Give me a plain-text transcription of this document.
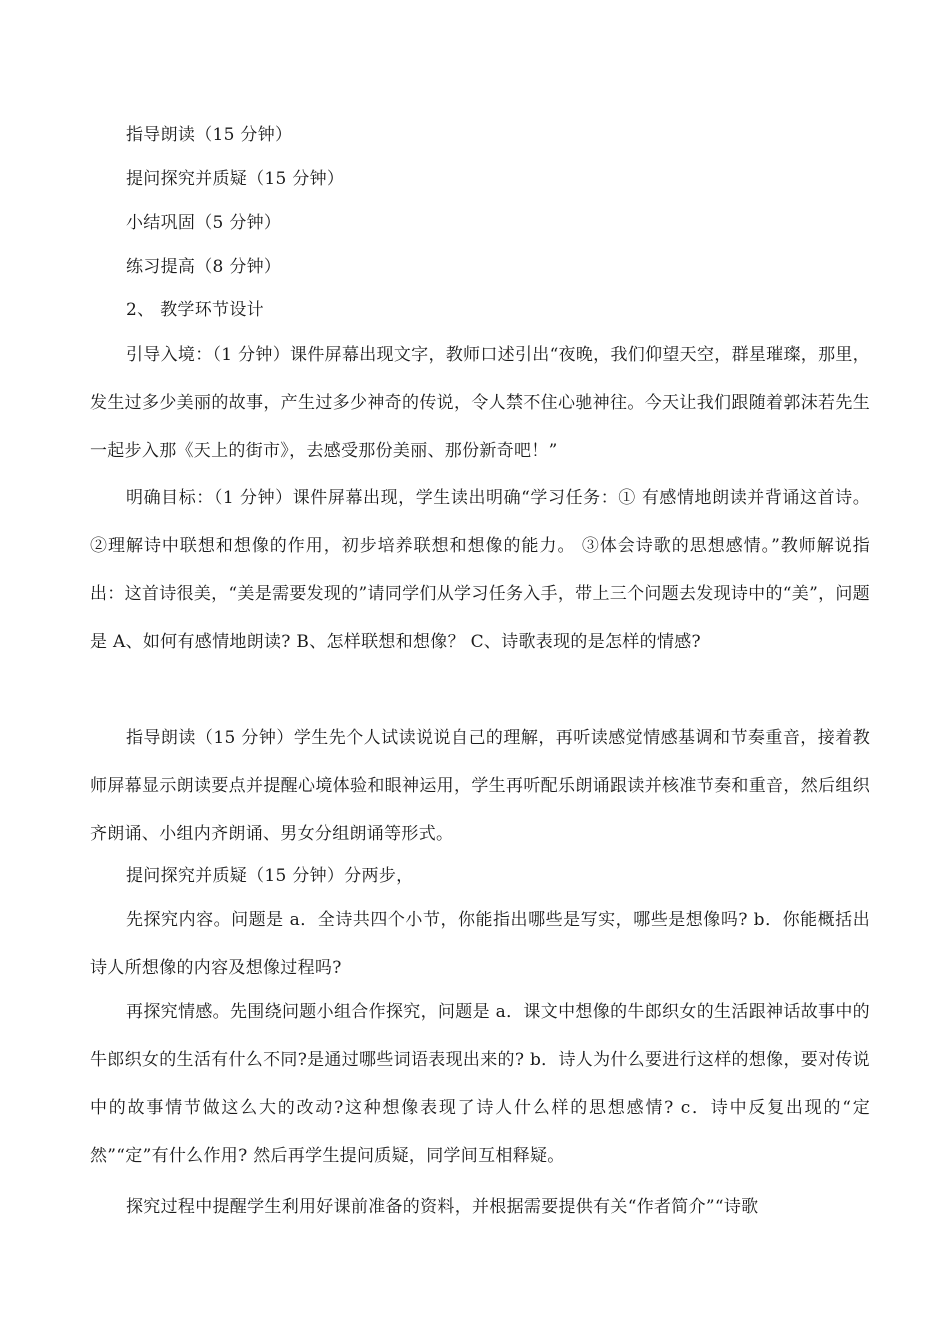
指导朗读（15 分钟）

提问探究并质疑（15 分钟）

小结巩固（5 分钟）

练习提高（8 分钟）

2、 教学环节设计

引导入境：（1 分钟）课件屏幕出现文字，教师口述引出“夜晚，我们仰望天空，群星璀璨，那里，发生过多少美丽的故事，产生过多少神奇的传说，令人禁不住心驰神往。今天让我们跟随着郭沫若先生一起步入那《天上的街市》，去感受那份美丽、那份新奇吧！”

明确目标：（1 分钟）课件屏幕出现，学生读出明确“学习任务：① 有感情地朗读并背诵这首诗。②理解诗中联想和想像的作用，初步培养联想和想像的能力。 ③体会诗歌的思想感情。”教师解说指出：这首诗很美，“美是需要发现的”请同学们从学习任务入手，带上三个问题去发现诗中的“美”，问题是 A、如何有感情地朗读? B、怎样联想和想像？ C、诗歌表现的是怎样的情感?

指导朗读（15 分钟）学生先个人试读说说自己的理解，再听读感觉情感基调和节奏重音，接着教师屏幕显示朗读要点并提醒心境体验和眼神运用，学生再听配乐朗诵跟读并核准节奏和重音，然后组织齐朗诵、小组内齐朗诵、男女分组朗诵等形式。

提问探究并质疑（15 分钟）分两步，

先探究内容。问题是 a．全诗共四个小节，你能指出哪些是写实，哪些是想像吗? b．你能概括出诗人所想像的内容及想像过程吗?

再探究情感。先围绕问题小组合作探究，问题是 a．课文中想像的牛郎织女的生活跟神话故事中的牛郎织女的生活有什么不同?是通过哪些词语表现出来的? b．诗人为什么要进行这样的想像，要对传说中的故事情节做这么大的改动?这种想像表现了诗人什么样的思想感情? c．诗中反复出现的“定然”“定”有什么作用? 然后再学生提问质疑，同学间互相释疑。

探究过程中提醒学生利用好课前准备的资料，并根据需要提供有关“作者简介”“诗歌
